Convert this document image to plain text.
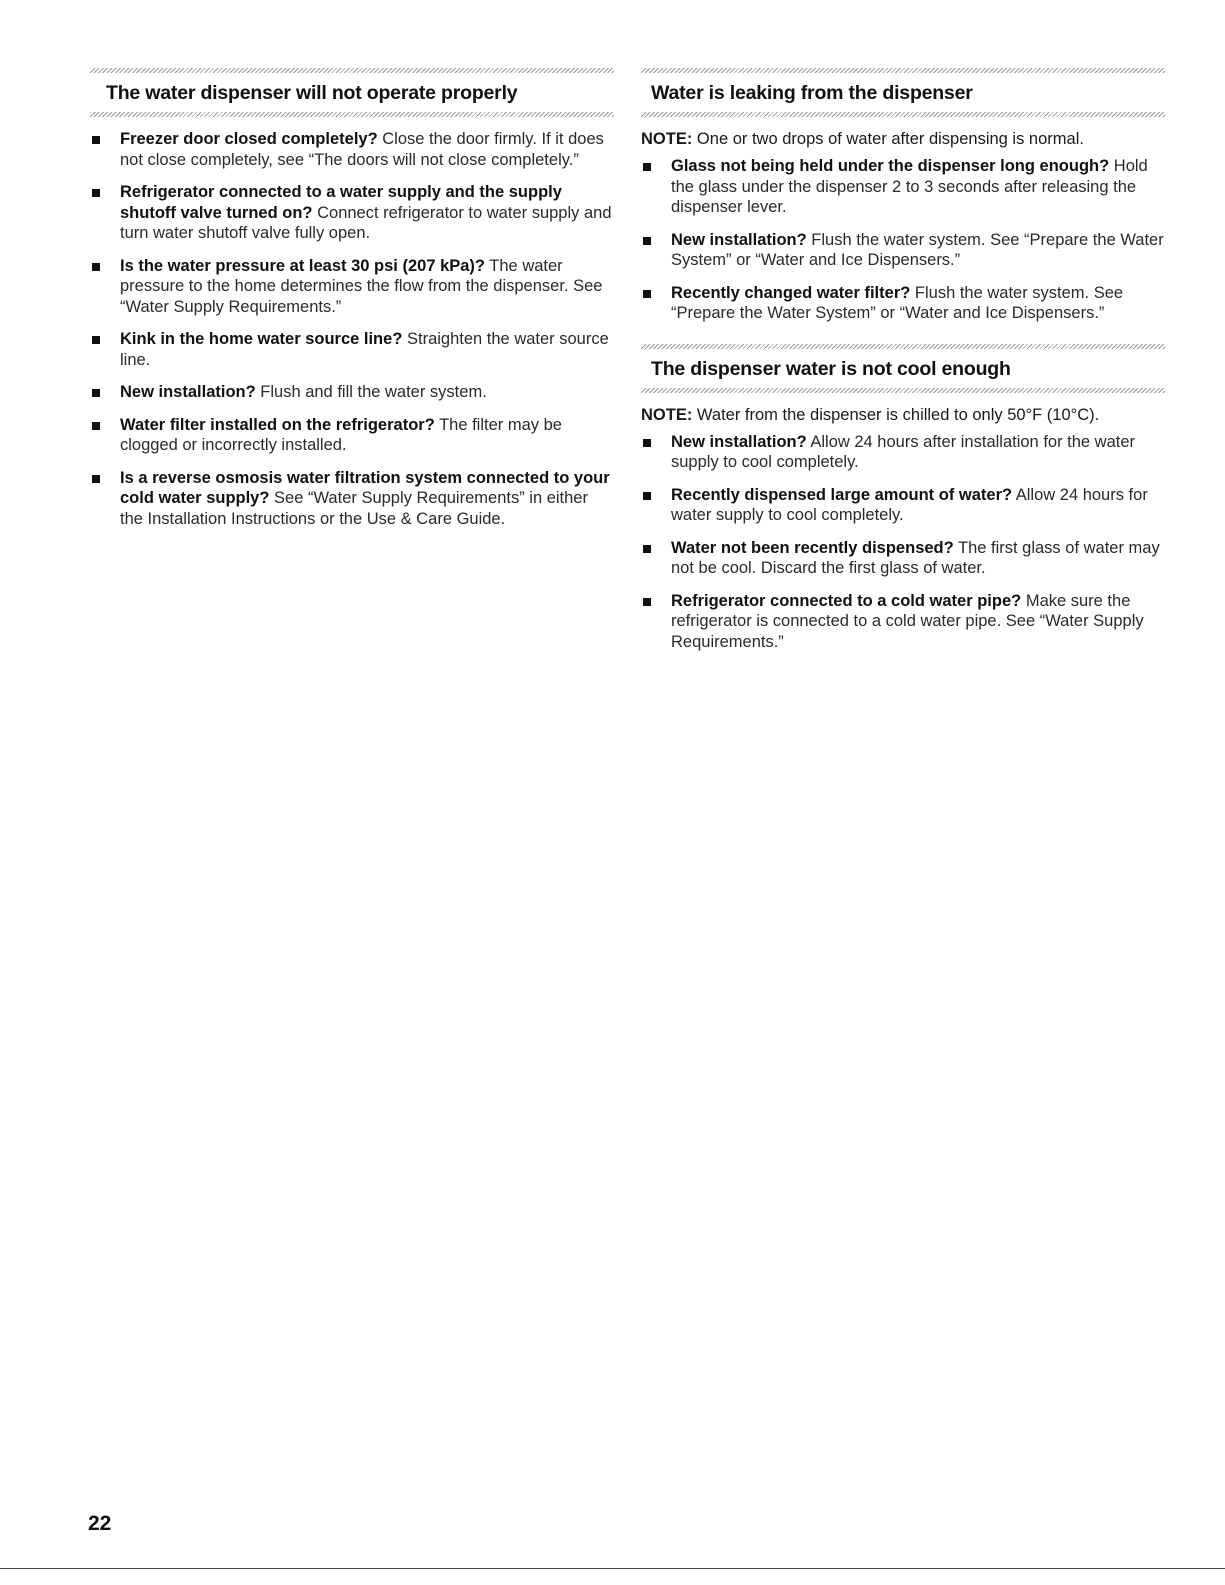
The water dispenser will not operate properly
Freezer door closed completely? Close the door firmly. If it does not close completely, see “The doors will not close completely.”
Refrigerator connected to a water supply and the supply shutoff valve turned on? Connect refrigerator to water supply and turn water shutoff valve fully open.
Is the water pressure at least 30 psi (207 kPa)? The water pressure to the home determines the flow from the dispenser. See “Water Supply Requirements.”
Kink in the home water source line? Straighten the water source line.
New installation? Flush and fill the water system.
Water filter installed on the refrigerator? The filter may be clogged or incorrectly installed.
Is a reverse osmosis water filtration system connected to your cold water supply? See “Water Supply Requirements” in either the Installation Instructions or the Use & Care Guide.
Water is leaking from the dispenser

NOTE: One or two drops of water after dispensing is normal.

Glass not being held under the dispenser long enough? Hold the glass under the dispenser 2 to 3 seconds after releasing the dispenser lever.
New installation? Flush the water system. See “Prepare the Water System” or “Water and Ice Dispensers.”
Recently changed water filter? Flush the water system. See “Prepare the Water System” or “Water and Ice Dispensers.”
The dispenser water is not cool enough

NOTE: Water from the dispenser is chilled to only 50°F (10°C).

New installation? Allow 24 hours after installation for the water supply to cool completely.
Recently dispensed large amount of water? Allow 24 hours for water supply to cool completely.
Water not been recently dispensed? The first glass of water may not be cool. Discard the first glass of water.
Refrigerator connected to a cold water pipe? Make sure the refrigerator is connected to a cold water pipe. See “Water Supply Requirements.”
22
